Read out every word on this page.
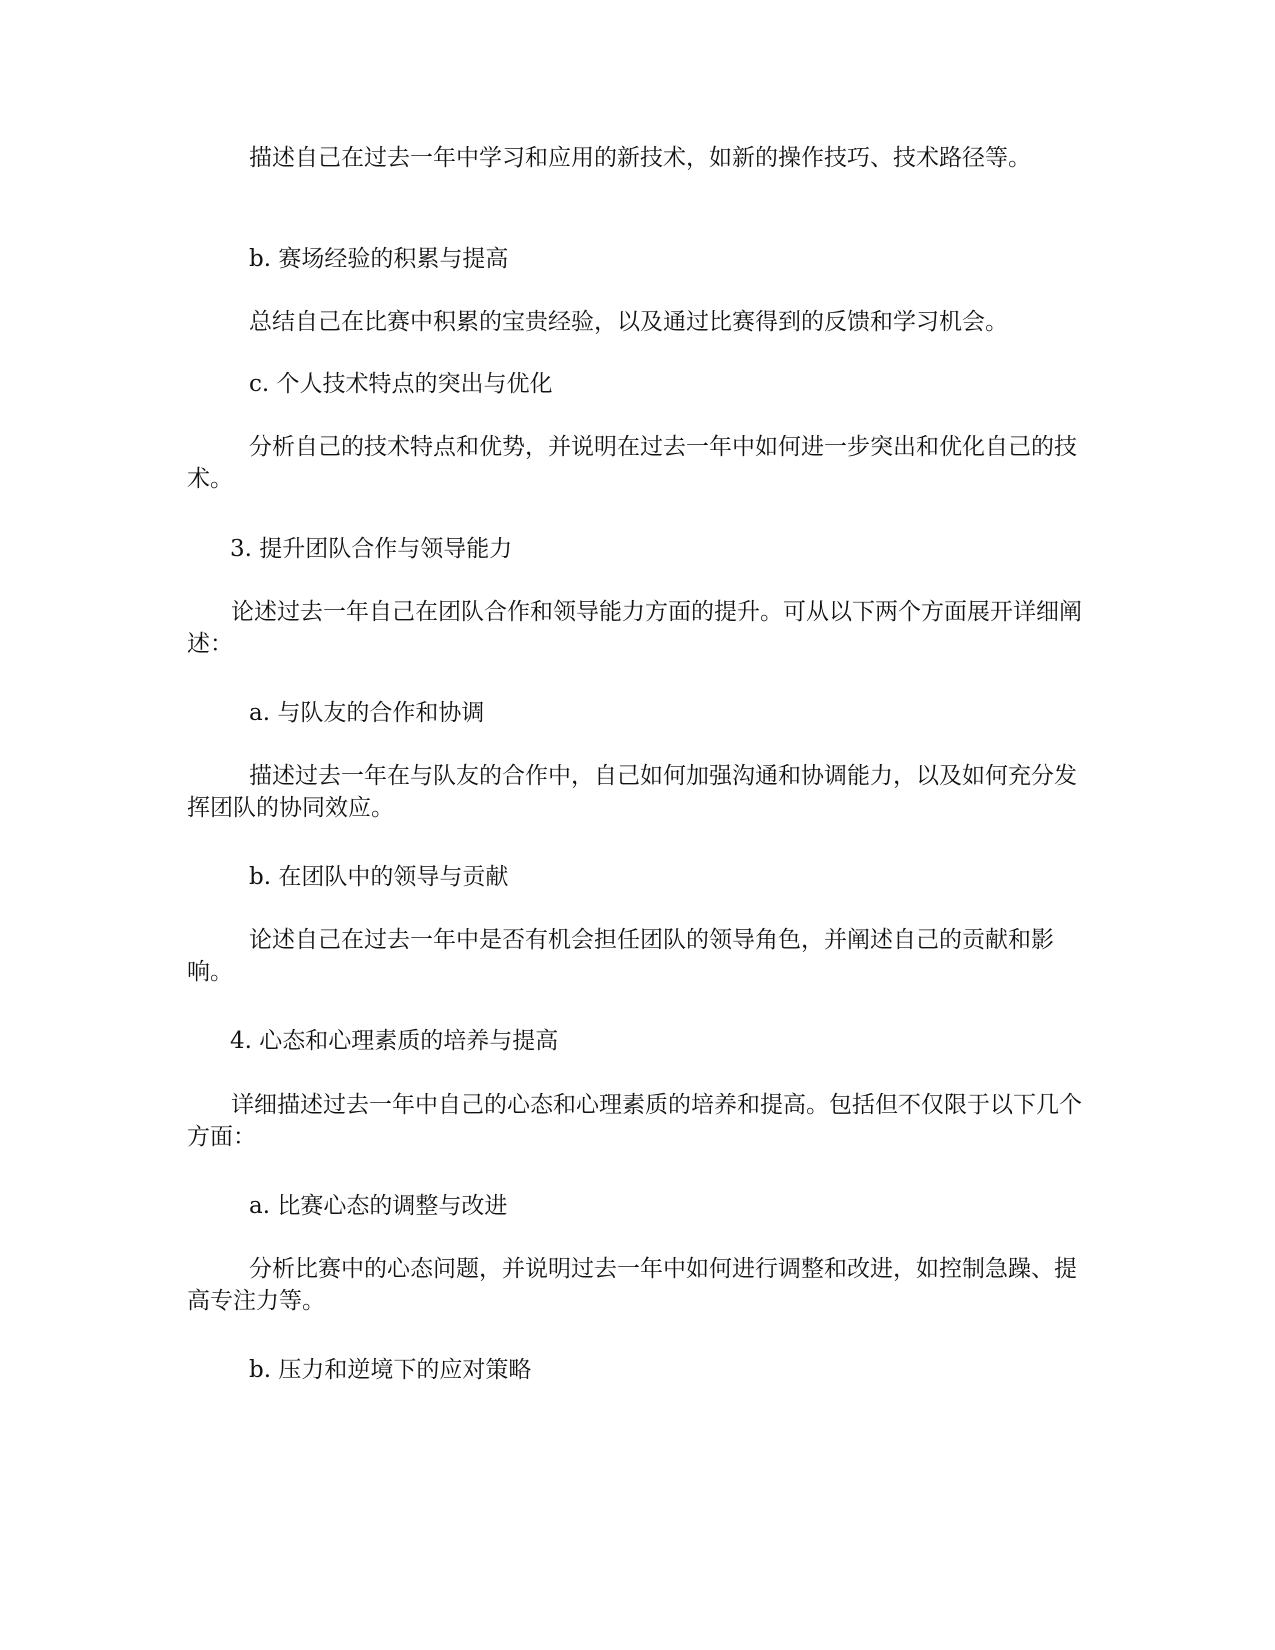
描述自己在过去一年中学习和应用的新技术，如新的操作技巧、技术路径等。

b. 赛场经验的积累与提高

总结自己在比赛中积累的宝贵经验，以及通过比赛得到的反馈和学习机会。

c. 个人技术特点的突出与优化

分析自己的技术特点和优势，并说明在过去一年中如何进一步突出和优化自己的技术。

3. 提升团队合作与领导能力

论述过去一年自己在团队合作和领导能力方面的提升。可从以下两个方面展开详细阐述：

a. 与队友的合作和协调

描述过去一年在与队友的合作中，自己如何加强沟通和协调能力，以及如何充分发挥团队的协同效应。

b. 在团队中的领导与贡献

论述自己在过去一年中是否有机会担任团队的领导角色，并阐述自己的贡献和影响。

4. 心态和心理素质的培养与提高

详细描述过去一年中自己的心态和心理素质的培养和提高。包括但不仅限于以下几个方面：

a. 比赛心态的调整与改进

分析比赛中的心态问题，并说明过去一年中如何进行调整和改进，如控制急躁、提高专注力等。

b. 压力和逆境下的应对策略
